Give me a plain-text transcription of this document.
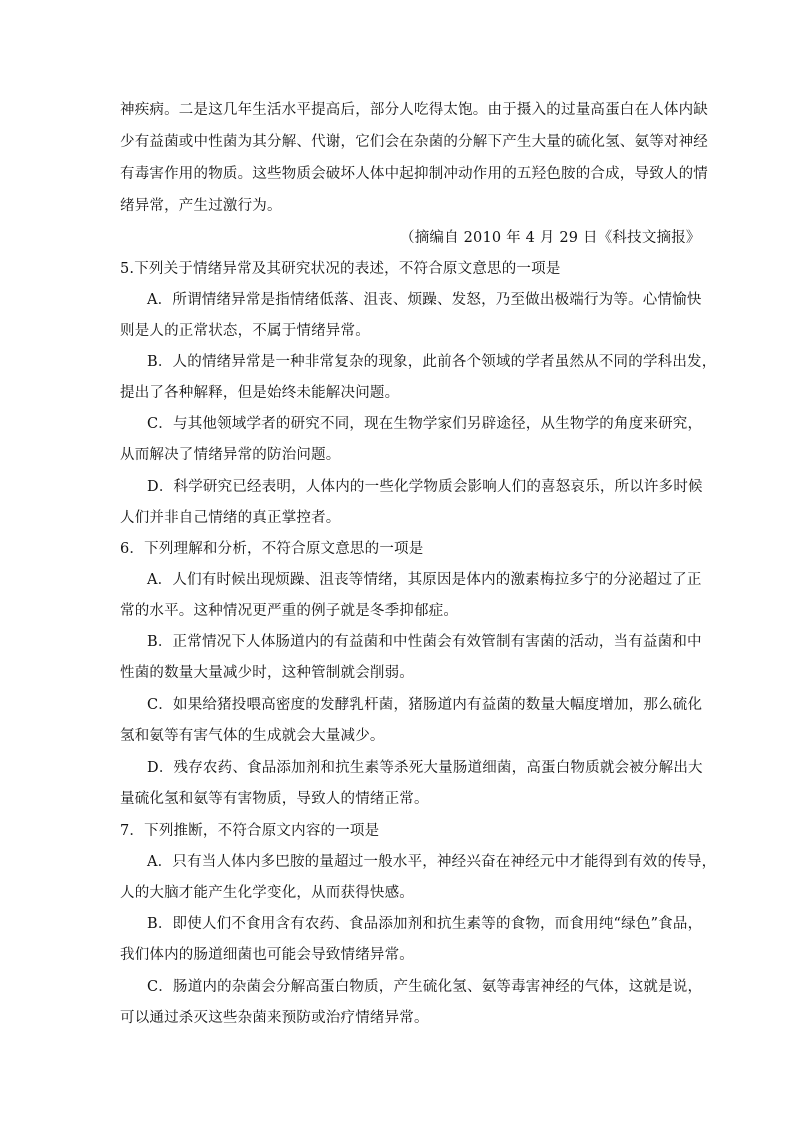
神疾病。二是这几年生活水平提高后，部分人吃得太饱。由于摄入的过量高蛋白在人体内缺
少有益菌或中性菌为其分解、代谢，它们会在杂菌的分解下产生大量的硫化氢、氨等对神经
有毒害作用的物质。这些物质会破坏人体中起抑制冲动作用的五羟色胺的合成，导致人的情
绪异常，产生过激行为。
（摘编自 2010 年 4 月 29 日《科技文摘报》
5.下列关于情绪异常及其研究状况的表述，不符合原文意思的一项是
A．所谓情绪异常是指情绪低落、沮丧、烦躁、发怒，乃至做出极端行为等。心情愉快
则是人的正常状态，不属于情绪异常。
B．人的情绪异常是一种非常复杂的现象，此前各个领域的学者虽然从不同的学科出发，
提出了各种解释，但是始终未能解决问题。
C．与其他领域学者的研究不同，现在生物学家们另辟途径，从生物学的角度来研究，
从而解决了情绪异常的防治问题。
D．科学研究已经表明，人体内的一些化学物质会影响人们的喜怒哀乐，所以许多时候
人们并非自己情绪的真正掌控者。
6．下列理解和分析，不符合原文意思的一项是
A．人们有时候出现烦躁、沮丧等情绪，其原因是体内的激素梅拉多宁的分泌超过了正
常的水平。这种情况更严重的例子就是冬季抑郁症。
B．正常情况下人体肠道内的有益菌和中性菌会有效管制有害菌的活动，当有益菌和中
性菌的数量大量减少时，这种管制就会削弱。
C．如果给猪投喂高密度的发酵乳杆菌，猪肠道内有益菌的数量大幅度增加，那么硫化
氢和氨等有害气体的生成就会大量减少。
D．残存农药、食品添加剂和抗生素等杀死大量肠道细菌，高蛋白物质就会被分解出大
量硫化氢和氨等有害物质，导致人的情绪正常。
7．下列推断，不符合原文内容的一项是
A．只有当人体内多巴胺的量超过一般水平，神经兴奋在神经元中才能得到有效的传导，
人的大脑才能产生化学变化，从而获得快感。
B．即使人们不食用含有农药、食品添加剂和抗生素等的食物，而食用纯“绿色”食品，
我们体内的肠道细菌也可能会导致情绪异常。
C．肠道内的杂菌会分解高蛋白物质，产生硫化氢、氨等毒害神经的气体，这就是说，
可以通过杀灭这些杂菌来预防或治疗情绪异常。
